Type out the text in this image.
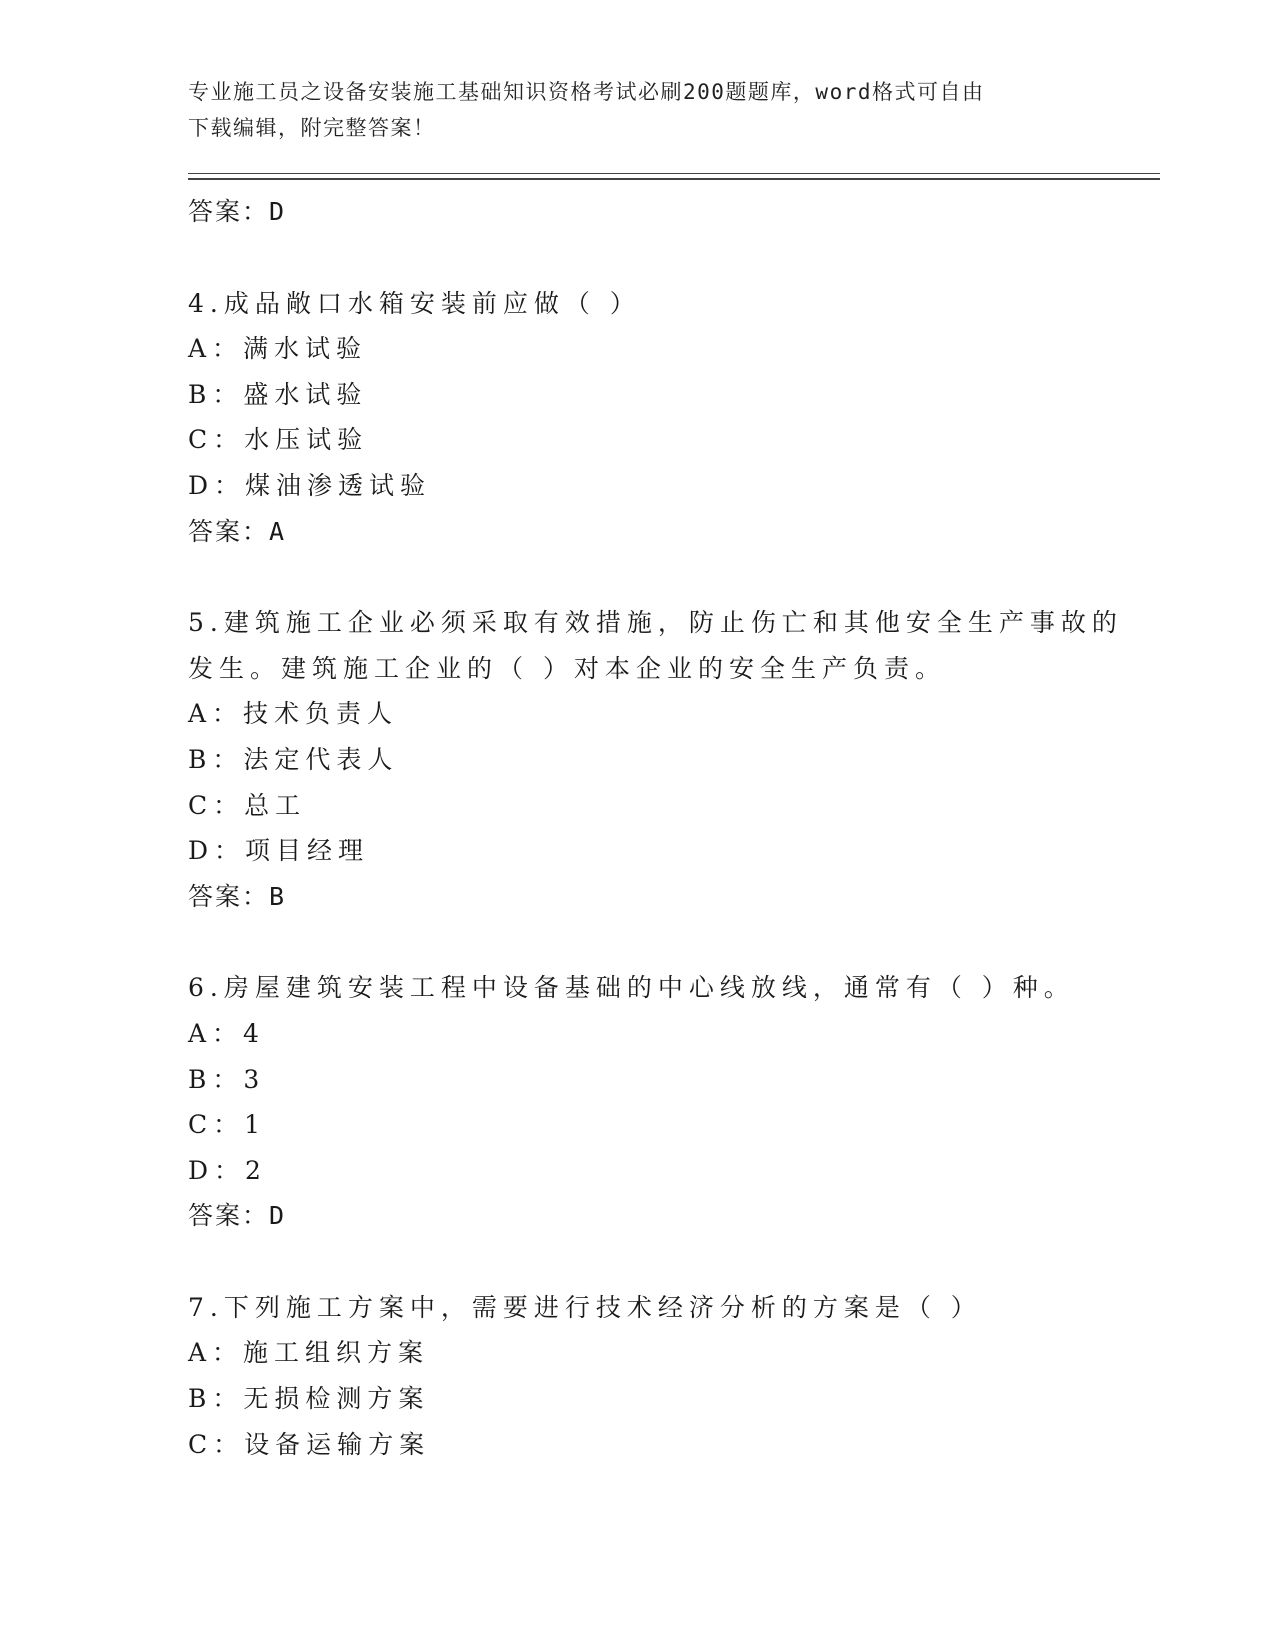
专业施工员之设备安装施工基础知识资格考试必刷200题题库，word格式可自由
下载编辑，附完整答案！
答案：D
4.成品敞口水箱安装前应做（ ）
A：满水试验
B：盛水试验
C：水压试验
D：煤油渗透试验
答案：A
5.建筑施工企业必须采取有效措施，防止伤亡和其他安全生产事故的
发生。建筑施工企业的（ ）对本企业的安全生产负责。
A：技术负责人
B：法定代表人
C：总工
D：项目经理
答案：B
6.房屋建筑安装工程中设备基础的中心线放线，通常有（ ）种。
A：4
B：3
C：1
D：2
答案：D
7.下列施工方案中，需要进行技术经济分析的方案是（ ）
A：施工组织方案
B：无损检测方案
C：设备运输方案
